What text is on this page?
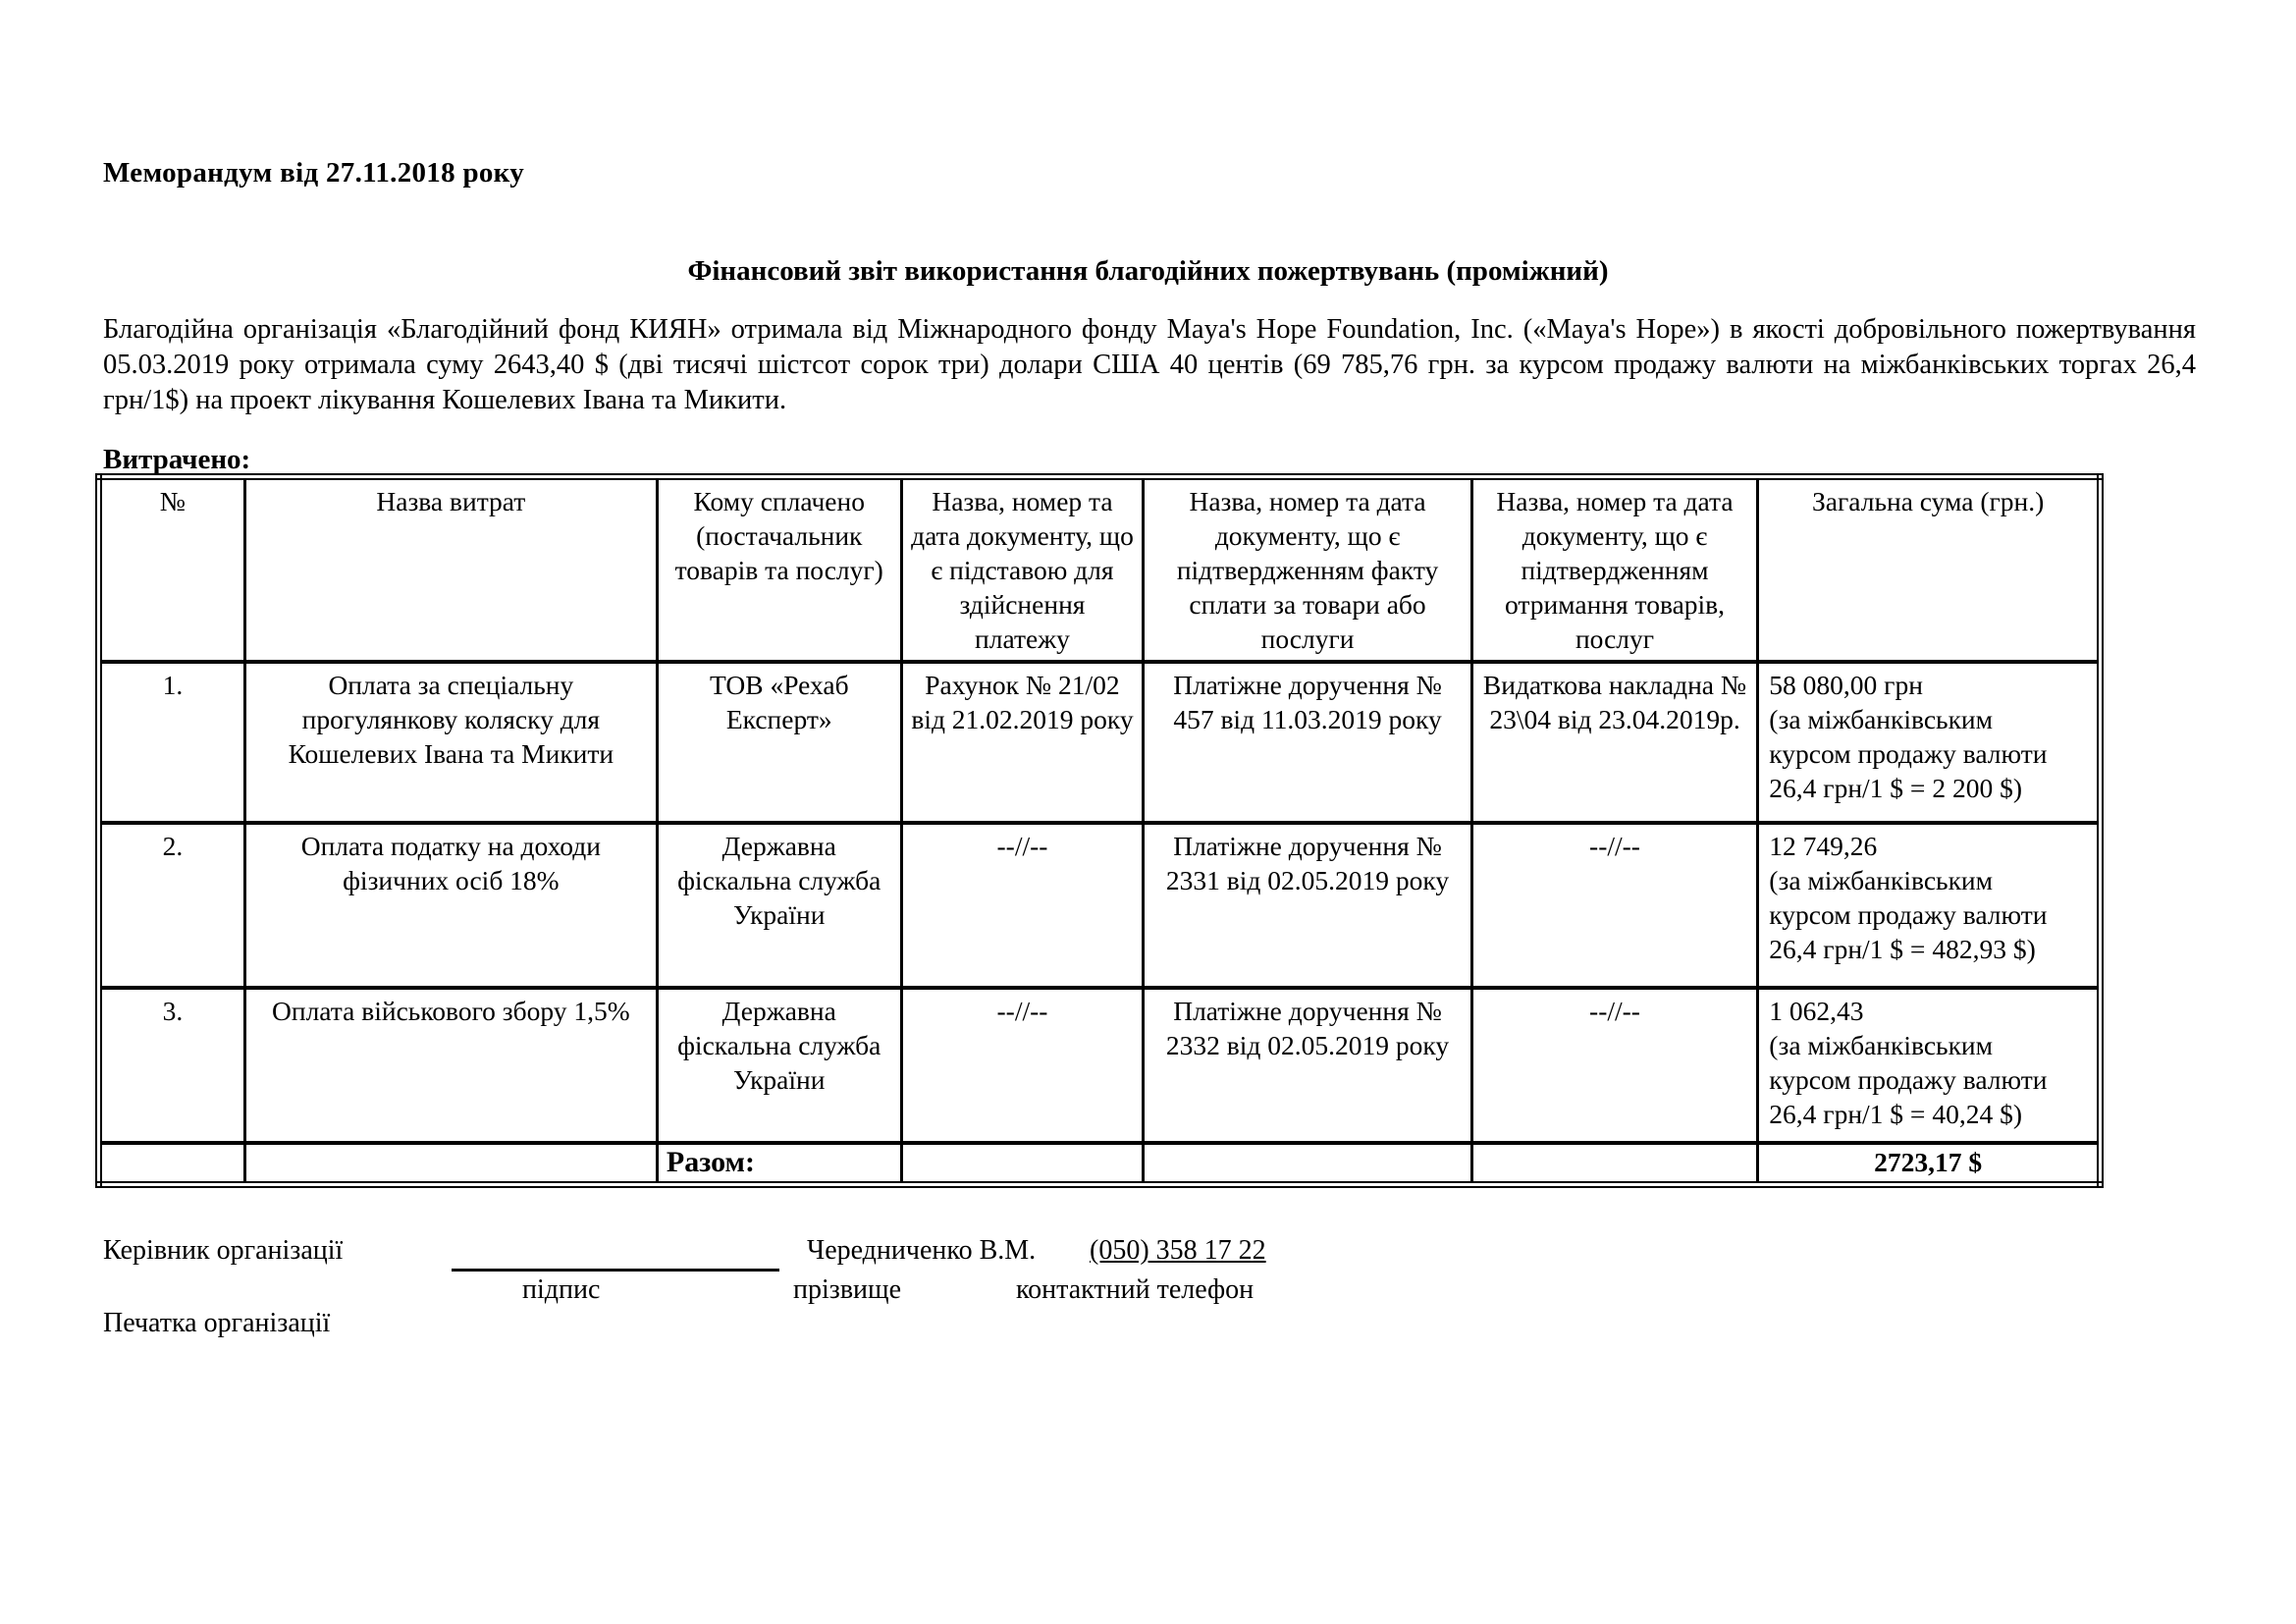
Меморандум від 27.11.2018 року
Фінансовий звіт використання благодійних пожертвувань (проміжний)
Благодійна організація «Благодійний фонд КИЯН» отримала від Міжнародного фонду Maya's Hope Foundation, Inc. («Maya's Hope») в якості добровільного пожертвування 05.03.2019 року отримала суму 2643,40 $ (дві тисячі шістсот сорок три) долари США 40 центів (69 785,76 грн. за курсом продажу валюти на міжбанківських торгах 26,4 грн/1$) на проект лікування Кошелевих Івана та Микити.
Витрачено:
№	Назва витрат	Кому сплачено (постачальник товарів та послуг)	Назва, номер та дата документу, що є підставою для здійснення платежу	Назва, номер та дата документу, що є підтвердженням факту сплати за товари або послуги	Назва, номер та дата документу, що є підтвердженням отримання товарів, послуг	Загальна сума (грн.)
1.	Оплата за спеціальну прогулянкову коляску для Кошелевих Івана та Микити	ТОВ «Рехаб Експерт»	Рахунок № 21/02 від 21.02.2019 року	Платіжне доручення № 457 від 11.03.2019 року	Видаткова накладна № 23\04 від 23.04.2019р.	58 080,00 грн
(за міжбанківським курсом продажу валюти 26,4 грн/1 $ = 2 200 $)

2.	Оплата податку на доходи фізичних осіб 18%	Державна фіскальна служба України	--//--	Платіжне доручення № 2331 від 02.05.2019 року	--//--	12 749,26
(за міжбанківським курсом продажу валюти 26,4 грн/1 $ = 482,93 $)

3.	Оплата військового збору 1,5%	Державна фіскальна служба України	--//--	Платіжне доручення № 2332 від 02.05.2019 року	--//--	1 062,43
(за міжбанківським курсом продажу валюти 26,4 грн/1 $ = 40,24 $)

		Разом:				2723,17 $
Керівник організації	Чередниченко В.М. (050) 358 17 22
підпис	прізвище	контактний телефон
Печатка організації
